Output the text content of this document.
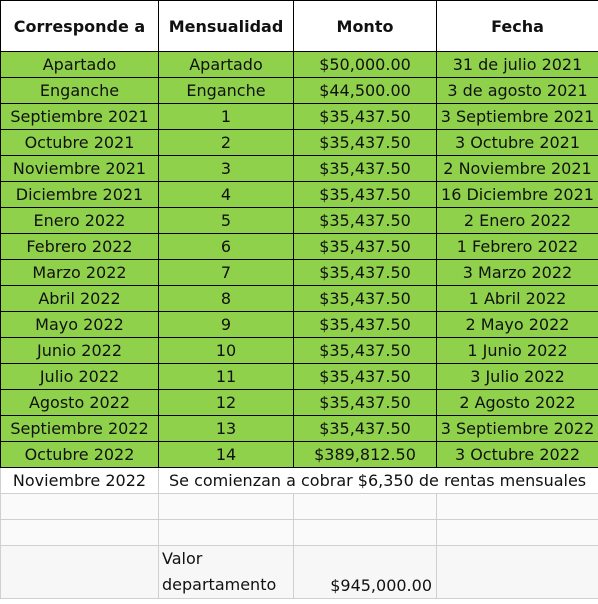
Corresponde a	Mensualidad	Monto	Fecha
Apartado	Apartado	$50,000.00	31 de julio 2021
Enganche	Enganche	$44,500.00	3 de agosto 2021
Septiembre 2021	1	$35,437.50	3 Septiembre 2021
Octubre 2021	2	$35,437.50	3 Octubre 2021
Noviembre 2021	3	$35,437.50	2 Noviembre 2021
Diciembre 2021	4	$35,437.50	16 Diciembre 2021
Enero 2022	5	$35,437.50	2 Enero 2022
Febrero 2022	6	$35,437.50	1 Febrero 2022
Marzo 2022	7	$35,437.50	3 Marzo 2022
Abril 2022	8	$35,437.50	1 Abril 2022
Mayo 2022	9	$35,437.50	2 Mayo 2022
Junio 2022	10	$35,437.50	1 Junio 2022
Julio 2022	11	$35,437.50	3 Julio 2022
Agosto 2022	12	$35,437.50	2 Agosto 2022
Septiembre 2022	13	$35,437.50	3 Septiembre 2022
Octubre 2022	14	$389,812.50	3 Octubre 2022
Noviembre 2022	Se comienzan a cobrar $6,350 de rentas mensuales		

	Valor departamento	$945,000.00	
